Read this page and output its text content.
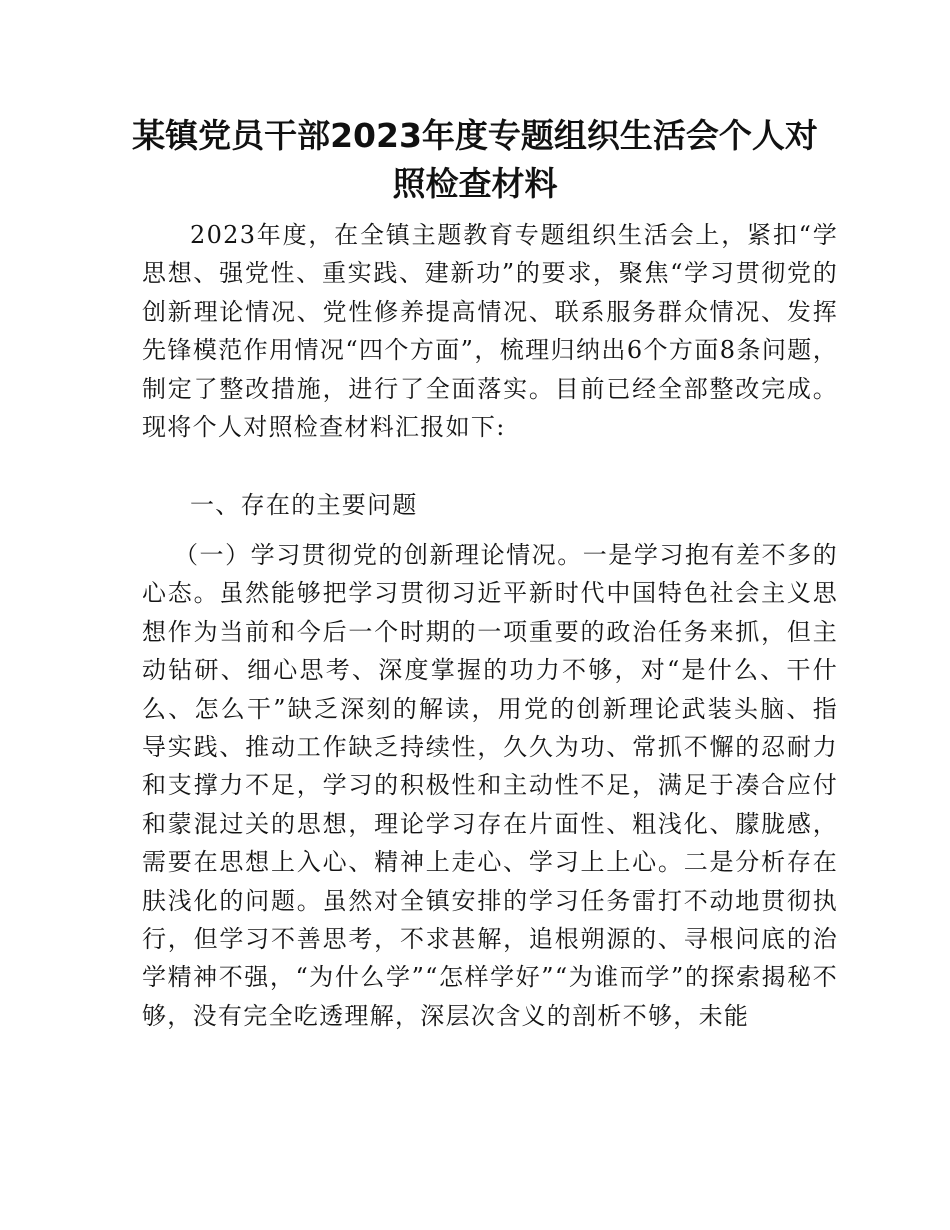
某镇党员干部2023年度专题组织生活会个人对照检查材料

2023年度，在全镇主题教育专题组织生活会上，紧扣“学思想、强党性、重实践、建新功”的要求，聚焦“学习贯彻党的创新理论情况、党性修养提高情况、联系服务群众情况、发挥先锋模范作用情况“四个方面”，梳理归纳出6个方面8条问题，制定了整改措施，进行了全面落实。目前已经全部整改完成。现将个人对照检查材料汇报如下:

一、存在的主要问题

（一）学习贯彻党的创新理论情况。一是学习抱有差不多的心态。虽然能够把学习贯彻习近平新时代中国特色社会主义思想作为当前和今后一个时期的一项重要的政治任务来抓，但主动钻研、细心思考、深度掌握的功力不够，对“是什么、干什么、怎么干”缺乏深刻的解读，用党的创新理论武装头脑、指导实践、推动工作缺乏持续性，久久为功、常抓不懈的忍耐力和支撑力不足，学习的积极性和主动性不足，满足于凑合应付和蒙混过关的思想，理论学习存在片面性、粗浅化、朦胧感，需要在思想上入心、精神上走心、学习上上心。二是分析存在肤浅化的问题。虽然对全镇安排的学习任务雷打不动地贯彻执行，但学习不善思考，不求甚解，追根朔源的、寻根问底的治学精神不强，“为什么学”“怎样学好”“为谁而学”的探索揭秘不够，没有完全吃透理解，深层次含义的剖析不够，未能
